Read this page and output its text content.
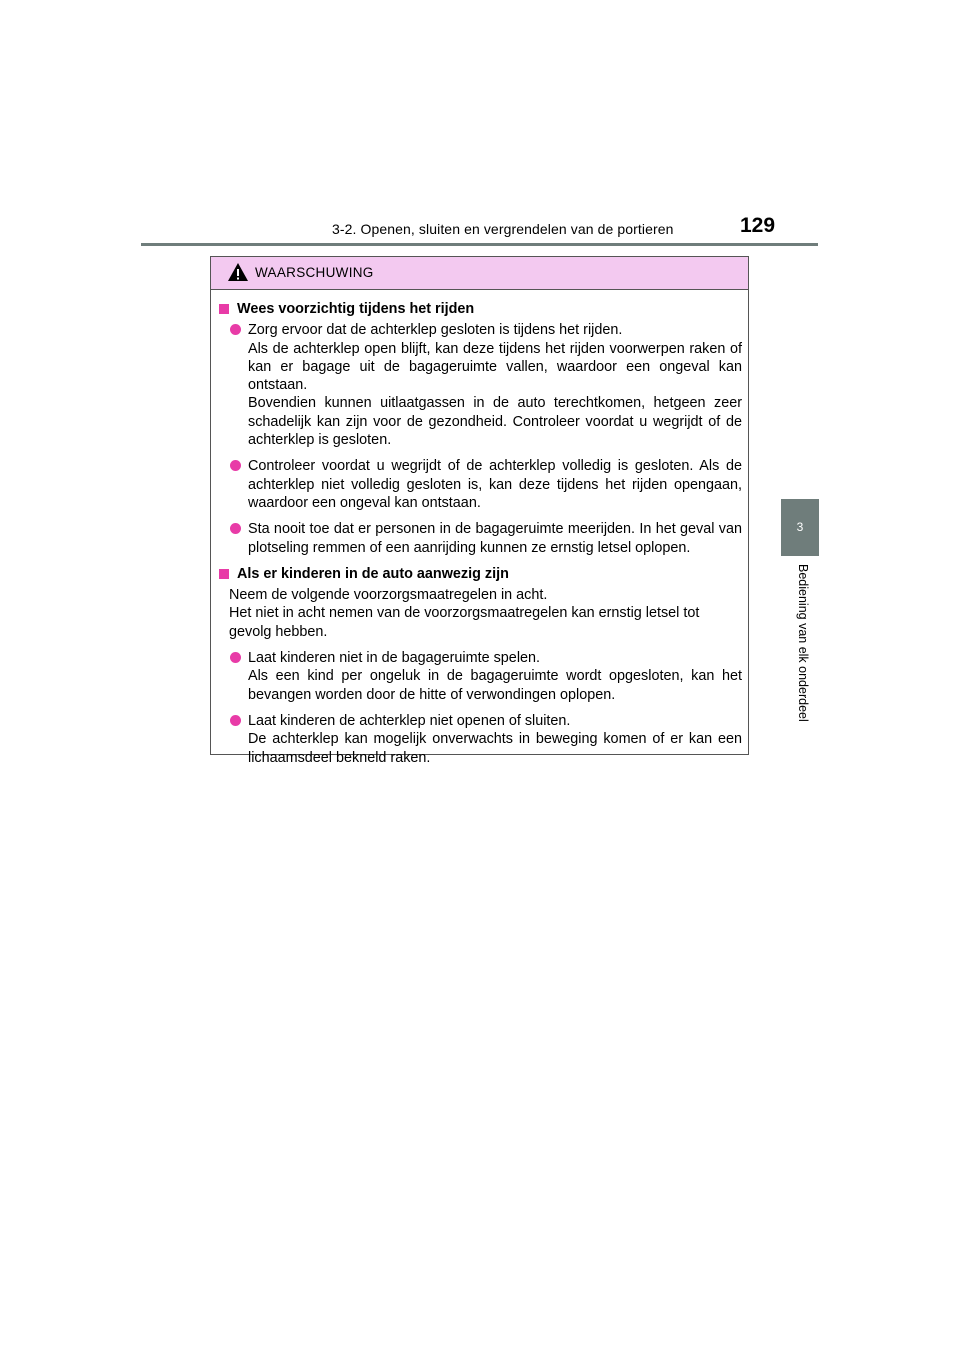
3-2. Openen, sluiten en vergrendelen van de portieren	129
3
Bediening van elk onderdeel
WAARSCHUWING
Wees voorzichtig tijdens het rijden
Zorg ervoor dat de achterklep gesloten is tijdens het rijden.
Als de achterklep open blijft, kan deze tijdens het rijden voorwerpen raken of kan er bagage uit de bagageruimte vallen, waardoor een ongeval kan ontstaan.
Bovendien kunnen uitlaatgassen in de auto terechtkomen, hetgeen zeer schadelijk kan zijn voor de gezondheid. Controleer voordat u wegrijdt of de achterklep is gesloten.
Controleer voordat u wegrijdt of de achterklep volledig is gesloten. Als de achterklep niet volledig gesloten is, kan deze tijdens het rijden opengaan, waardoor een ongeval kan ontstaan.
Sta nooit toe dat er personen in de bagageruimte meerijden. In het geval van plotseling remmen of een aanrijding kunnen ze ernstig letsel oplopen.
Als er kinderen in de auto aanwezig zijn
Neem de volgende voorzorgsmaatregelen in acht.
Het niet in acht nemen van de voorzorgsmaatregelen kan ernstig letsel tot gevolg hebben.
Laat kinderen niet in de bagageruimte spelen.
Als een kind per ongeluk in de bagageruimte wordt opgesloten, kan het bevangen worden door de hitte of verwondingen oplopen.
Laat kinderen de achterklep niet openen of sluiten.
De achterklep kan mogelijk onverwachts in beweging komen of er kan een lichaamsdeel bekneld raken.
